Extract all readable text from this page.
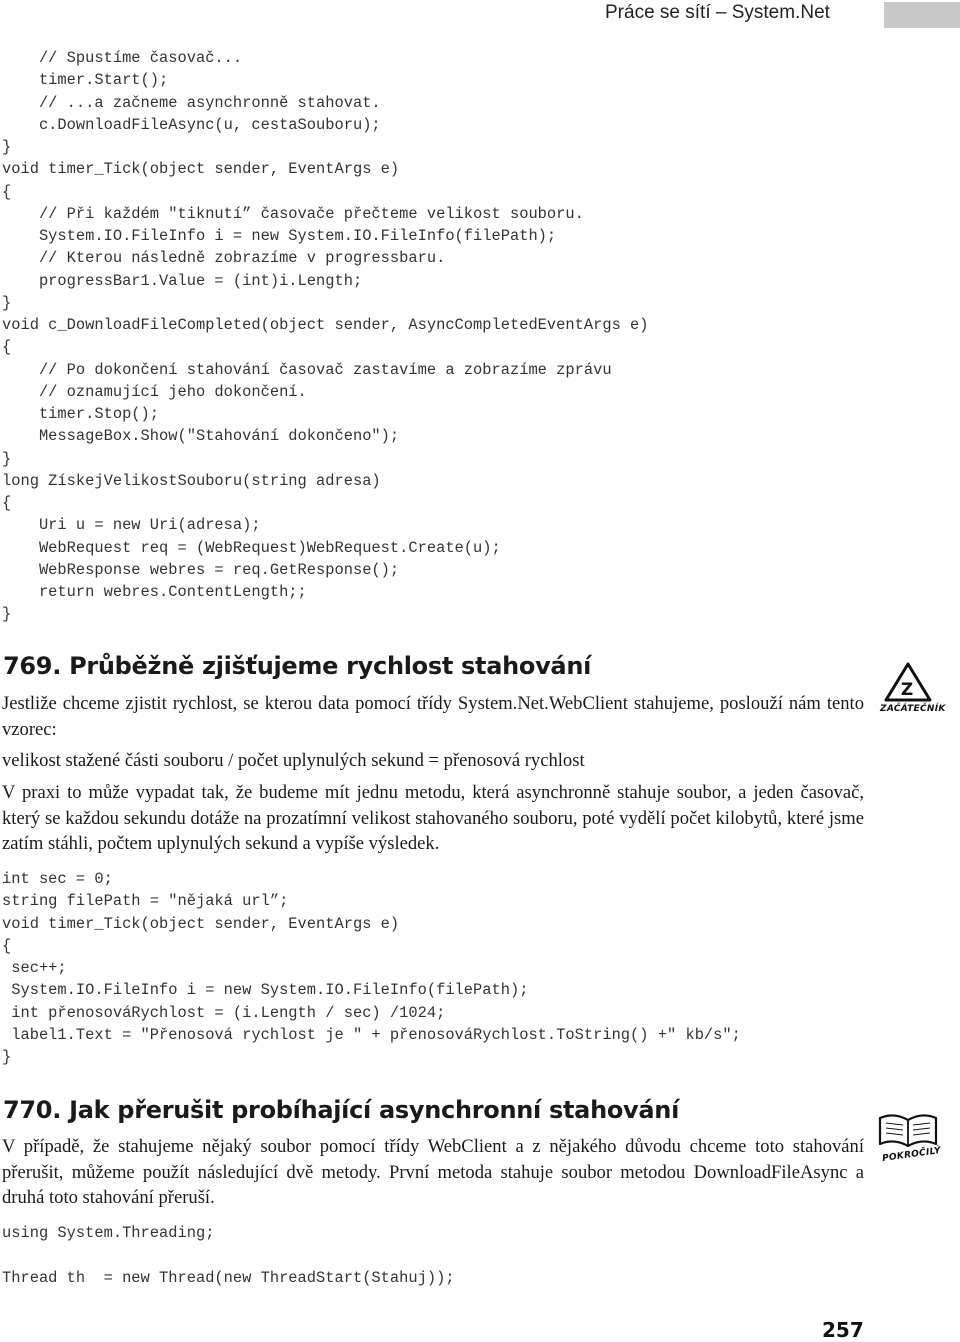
Práce se sítí – System.Net
// Spustíme časovač...
timer.Start();
// ...a začneme asynchronně stahovat.
c.DownloadFileAsync(u, cestaSouboru);
}
void timer_Tick(object sender, EventArgs e)
{
// Při každém "tiknutí” časovače přečteme velikost souboru.
System.IO.FileInfo i = new System.IO.FileInfo(filePath);
// Kterou následně zobrazíme v progressbaru.
progressBar1.Value = (int)i.Length;
}
void c_DownloadFileCompleted(object sender, AsyncCompletedEventArgs e)
{
// Po dokončení stahování časovač zastavíme a zobrazíme zprávu
// oznamující jeho dokončení.
timer.Stop();
MessageBox.Show("Stahování dokončeno");
}
long ZískejVelikostSouboru(string adresa)
{
Uri u = new Uri(adresa);
WebRequest req = (WebRequest)WebRequest.Create(u);
WebResponse webres = req.GetResponse();
return webres.ContentLength;;
}
769. Průběžně zjišťujeme rychlost stahování
Z
ZAČÁTEČNÍK

Jestliže chceme zjistit rychlost, se kterou data pomocí třídy System.Net.WebClient stahujeme, poslouží nám tento vzorec:

velikost stažené části souboru / počet uplynulých sekund = přenosová rychlost

V praxi to může vypadat tak, že budeme mít jednu metodu, která asynchronně stahuje soubor, a jeden časovač, který se každou sekundu dotáže na prozatímní velikost stahovaného souboru, poté vydělí počet kilobytů, které jsme zatím stáhli, počtem uplynulých sekund a vypíše výsledek.

int sec = 0;
string filePath = "nějaká url”;
void timer_Tick(object sender, EventArgs e)
{
sec++;
System.IO.FileInfo i = new System.IO.FileInfo(filePath);
int přenosováRychlost = (i.Length / sec) /1024;
label1.Text = "Přenosová rychlost je " + přenosováRychlost.ToString() +" kb/s";
}
770. Jak přerušit probíhající asynchronní stahování
POKROČILÝ

V případě, že stahujeme nějaký soubor pomocí třídy WebClient a z nějakého důvodu chceme toto stahování přerušit, můžeme použít následující dvě metody. První metoda stahuje soubor metodou DownloadFileAsync a druhá toto stahování přeruší.

using System.Threading;
Thread th  = new Thread(new ThreadStart(Stahuj));
257
